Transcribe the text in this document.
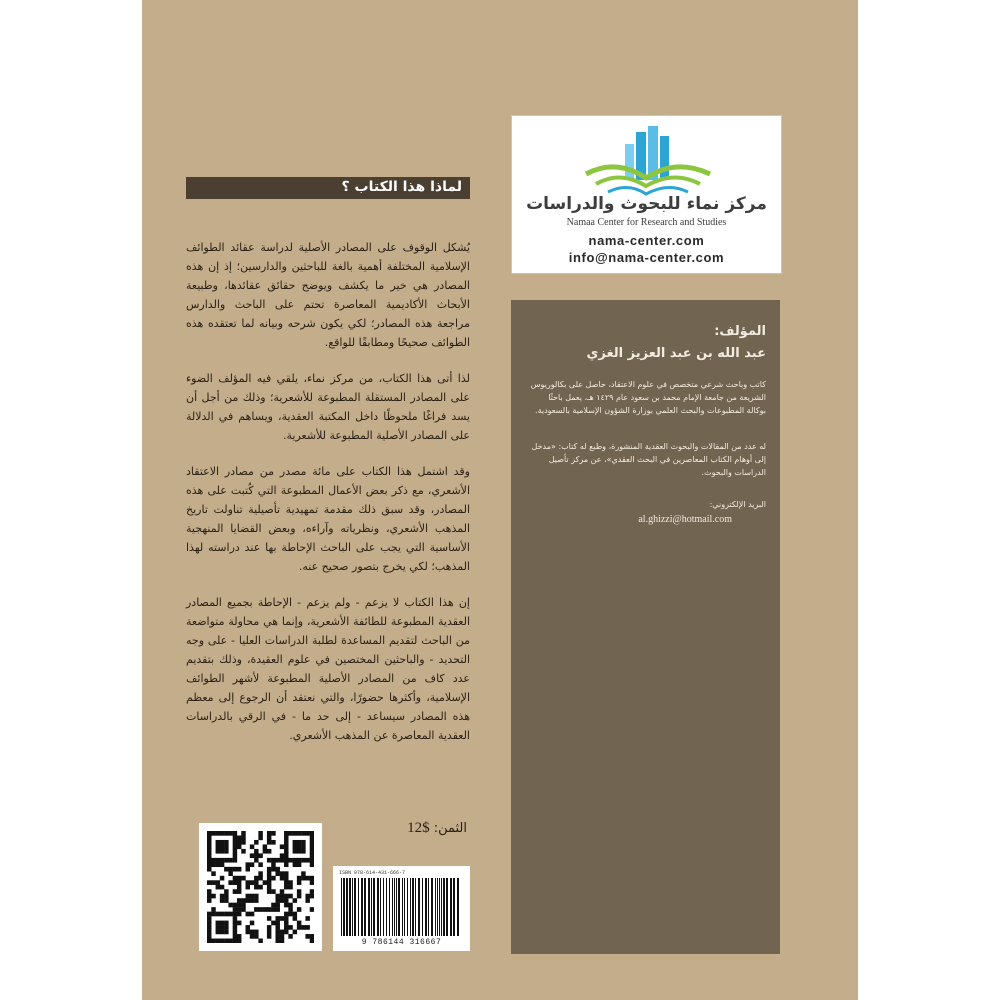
مركز نماء للبحوث والدراسات
Namaa Center for Research and Studies
nama-center.com
info@nama-center.com
لماذا هذا الكتاب ؟

يُشكل الوقوف على المصادر الأصلية لدراسة عقائد الطوائف الإسلامية المختلفة أهمية بالغة للباحثين والدارسين؛ إذ إن هذه المصادر هي خير ما يكشف ويوضح حقائق عقائدها، وطبيعة الأبحاث الأكاديمية المعاصرة تحتم على الباحث والدارس مراجعة هذه المصادر؛ لكي يكون شرحه وبيانه لما تعتقده هذه الطوائف صحيحًا ومطابقًا للواقع.

لذا أتى هذا الكتاب، من مركز نماء، يلقي فيه المؤلف الضوء على المصادر المستقلة المطبوعة للأشعرية؛ وذلك من أجل أن يسد فراغًا ملحوظًا داخل المكتبة العقدية، ويساهم في الدلالة على المصادر الأصلية المطبوعة للأشعرية.

وقد اشتمل هذا الكتاب على مائة مصدر من مصادر الاعتقاد الأشعري، مع ذكر بعض الأعمال المطبوعة التي كُتبت على هذه المصادر، وقد سبق ذلك مقدمة تمهيدية تأصيلية تناولت تاريخ المذهب الأشعري، ونظرياته وآراءه، وبعض القضايا المنهجية الأساسية التي يجب على الباحث الإحاطة بها عند دراسته لهذا المذهب؛ لكي يخرج بتصور صحيح عنه.

إن هذا الكتاب لا يزعم - ولم يزعم - الإحاطة بجميع المصادر العقدية المطبوعة للطائفة الأشعرية، وإنما هي محاولة متواضعة من الباحث لتقديم المساعدة لطلبة الدراسات العليا - على وجه التحديد - والباحثين المختصين في علوم العقيدة، وذلك بتقديم عدد كاف من المصادر الأصلية المطبوعة لأشهر الطوائف الإسلامية، وأكثرها حضورًا، والتي نعتقد أن الرجوع إلى معظم هذه المصادر سيساعد - إلى حد ما - في الرقي بالدراسات العقدية المعاصرة عن المذهب الأشعري.

المؤلف:
عبد الله بن عبد العزيز الغزي
كاتب وباحث شرعي متخصص في علوم الاعتقاد، حاصل على بكالوريوس الشريعة من جامعة الإمام محمد بن سعود عام ١٤٢٩ هـ، يعمل باحثًا بوكالة المطبوعات والبحث العلمي بوزارة الشؤون الإسلامية بالسعودية.
له عدد من المقالات والبحوث العقدية المنشورة، وطبع له كتاب: «مدخل إلى أوهام الكتاب المعاصرين في البحث العقدي»، عن مركز تأصيل الدراسات والبحوث.
البريد الإلكتروني:
al.ghizzi@hotmail.com
الثمن: $12
ISBN 978-614-431-666-7
9 786144 316667
